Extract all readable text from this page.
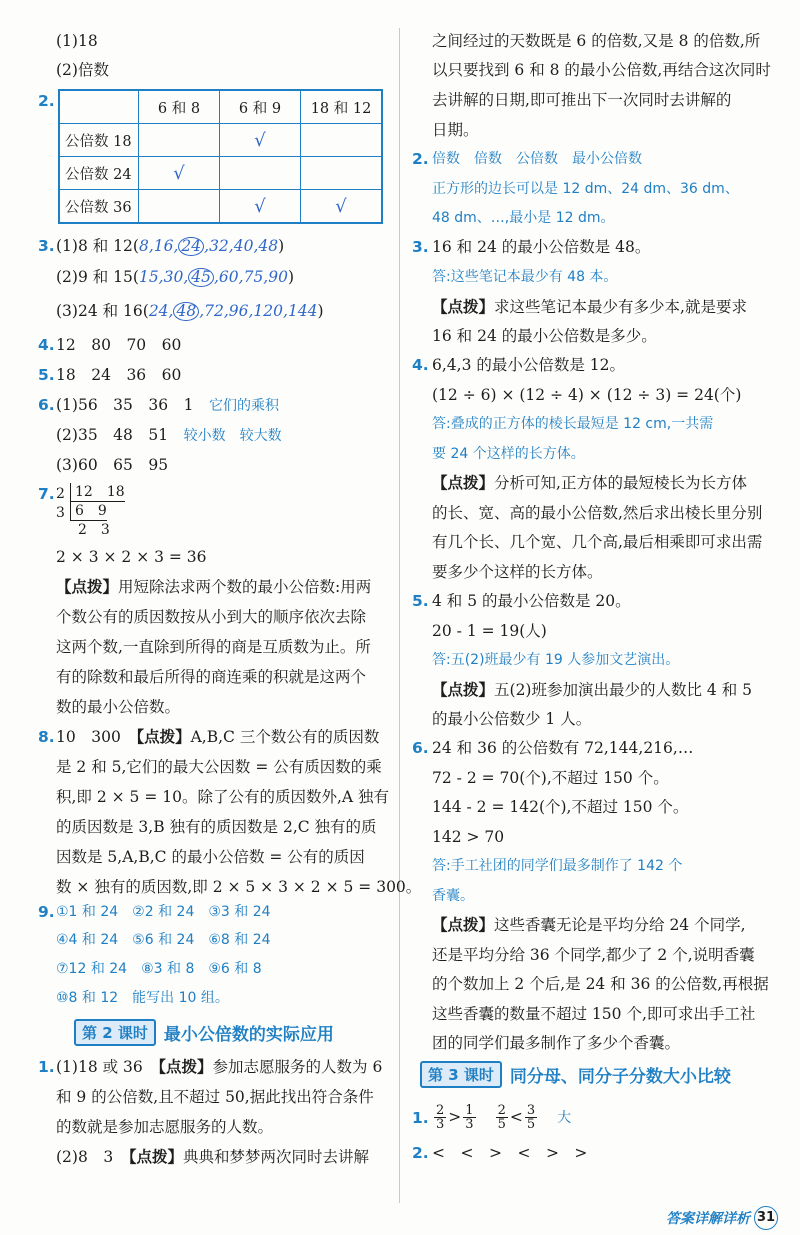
(1)18
(2)倍数
2.
		6 和 8	6 和 9	18 和 12
公倍数 18		√	
公倍数 24	√		
公倍数 36		√	√
3. (1)8 和 12(8,16, 24 ,32,40,48)
(2)9 和 15(15,30, 45 ,60,75,90)
(3)24 和 16(24, 48 ,72,96,120,144)
4. 12　80　70　60
5. 18　24　36　60
6. (1)56　35　36　1　 它们的乘积
(2)35　48　51　 较小数　较大数
(3)60　65　95
7. 2 12　18
3 6　9
2　3
2 × 3 × 2 × 3 = 36
【点拨】用短除法求两个数的最小公倍数:用两
个数公有的质因数按从小到大的顺序依次去除
这两个数,一直除到所得的商是互质数为止。所
有的除数和最后所得的商连乘的积就是这两个
数的最小公倍数。
8. 10　300　 【点拨】A,B,C 三个数公有的质因数
是 2 和 5,它们的最大公因数 = 公有质因数的乘
积,即 2 × 5 = 10。除了公有的质因数外,A 独有
的质因数是 3,B 独有的质因数是 2,C 独有的质
因数是 5,A,B,C 的最小公倍数 = 公有的质因
数 × 独有的质因数,即 2 × 5 × 3 × 2 × 5 = 300。
9. ①1 和 24　②2 和 24　③3 和 24
④4 和 24　⑤6 和 24　⑥8 和 24
⑦12 和 24　⑧3 和 8　⑨6 和 8
⑩8 和 12　能写出 10 组。
第 2 课时 最小公倍数的实际应用
1. (1)18 或 36　 【点拨】参加志愿服务的人数为 6
和 9 的公倍数,且不超过 50,据此找出符合条件
的数就是参加志愿服务的人数。
(2)8　3　 【点拨】典典和梦梦两次同时去讲解
之间经过的天数既是 6 的倍数,又是 8 的倍数,所
以只要找到 6 和 8 的最小公倍数,再结合这次同时
去讲解的日期,即可推出下一次同时去讲解的
日期。
2. 倍数　倍数　公倍数　最小公倍数
正方形的边长可以是 12 dm、24 dm、36 dm、
48 dm、…,最小是 12 dm。
3. 16 和 24 的最小公倍数是 48。
答:这些笔记本最少有 48 本。
【点拨】求这些笔记本最少有多少本,就是要求
16 和 24 的最小公倍数是多少。
4. 6,4,3 的最小公倍数是 12。
(12 ÷ 6) × (12 ÷ 4) × (12 ÷ 3) = 24(个)
答:叠成的正方体的棱长最短是 12 cm,一共需
要 24 个这样的长方体。
【点拨】分析可知,正方体的最短棱长为长方体
的长、宽、高的最小公倍数,然后求出棱长里分别
有几个长、几个宽、几个高,最后相乘即可求出需
要多少个这样的长方体。
5. 4 和 5 的最小公倍数是 20。
20 - 1 = 19(人)
答:五(2)班最少有 19 人参加文艺演出。
【点拨】五(2)班参加演出最少的人数比 4 和 5
的最小公倍数少 1 人。
6. 24 和 36 的公倍数有 72,144,216,…
72 - 2 = 70(个),不超过 150 个。
144 - 2 = 142(个),不超过 150 个。
142 > 70
答:手工社团的同学们最多制作了 142 个
香囊。
【点拨】这些香囊无论是平均分给 24 个同学,
还是平均分给 36 个同学,都少了 2 个,说明香囊
的个数加上 2 个后,是 24 和 36 的公倍数,再根据
这些香囊的数量不超过 150 个,即可求出手工社
团的同学们最多制作了多少个香囊。
第 3 课时 同分母、同分子分数大小比较
1. $\frac{2}{3} > \frac{1}{3} \frac{2}{5} < \frac{3}{5}$ 大
2. <　<　>　<　>　>
答案详解详析 31
